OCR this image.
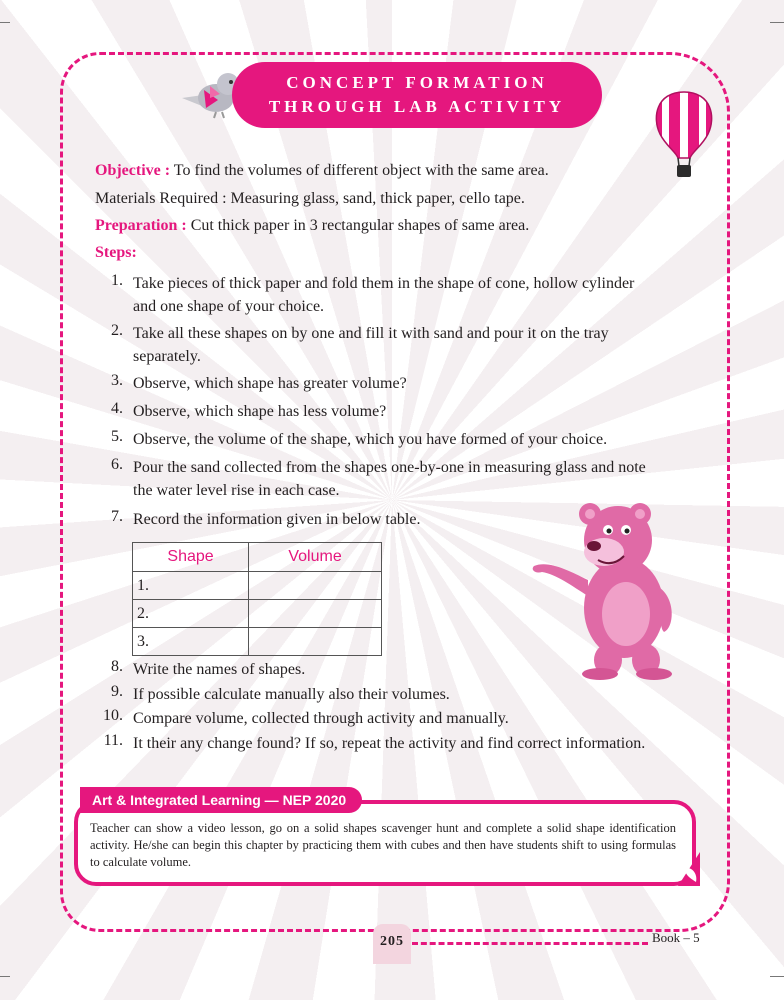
CONCEPT FORMATION
THROUGH LAB ACTIVITY
Objective : To find the volumes of different object with the same area.
Materials Required : Measuring glass, sand, thick paper, cello tape.
Preparation : Cut thick paper in 3 rectangular shapes of same area.
Steps:
1. Take pieces of thick paper and fold them in the shape of cone, hollow cylinder and one shape of your choice.
2. Take all these shapes on by one and fill it with sand and pour it on the tray separately.
3. Observe, which shape has greater volume?
4. Observe, which shape has less volume?
5. Observe, the volume of the shape, which you have formed of your choice.
6. Pour the sand collected from the shapes one-by-one in measuring glass and note the water level rise in each case.
7. Record the information given in below table.
8. Write the names of shapes.
9. If possible calculate manually also their volumes.
10. Compare volume, collected through activity and manually.
11. It their any change found? If so, repeat the activity and find correct information.
Shape	Volume
1.	
2.	
3.	
Art & Integrated Learning — NEP 2020
Teacher can show a video lesson, go on a solid shapes scavenger hunt and complete a solid shape identification activity. He/she can begin this chapter by practicing them with cubes and then have students shift to using formulas to calculate volume.
205	Book – 5
